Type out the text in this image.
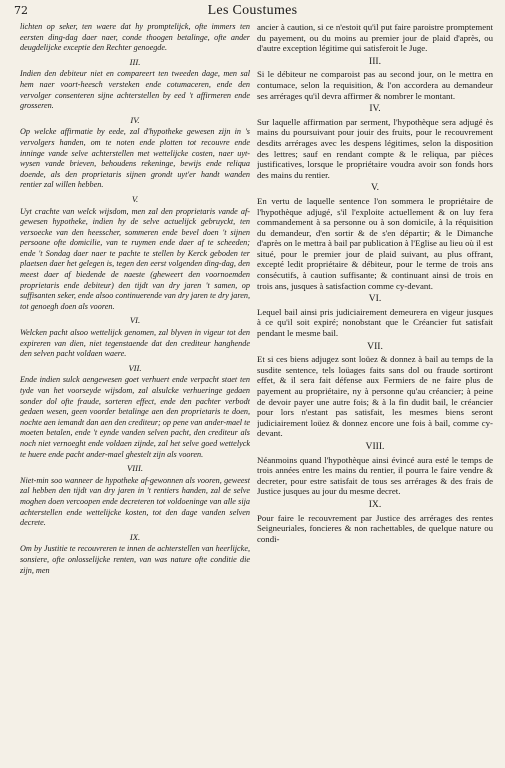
72	Les Coustumes

lichten op seker, ten waere dat hy promptelijck, ofte immers ten eersten ding-dag daer naer, conde thoogen betalinge, ofte ander deugdelijcke exceptie den Rechter genoegde.

III.

Indien den debiteur niet en compareert ten tweeden dage, men sal hem naer voort-heesch versteken ende cotumaceren, ende den vervolger consenteren sijne achterstellen by eed 't affirmeren ende grosseren.

IV.

Op welcke affirmatie by eede, zal d'hypotheke gewesen zijn in 's vervolgers handen, om te noten ende plotten tot recouvre ende inninge vande selve achterstellen met wettelijcke costen, naer uyt-wysen vande brieven, behoudens rekeninge, bewijs ende reliqua doende, als den proprietaris sijnen grondt uyt'er handt wanden rentier zal willen hebben.

V.

Uyt crachte van welck wijsdom, men zal den proprietaris vande af-gewesen hypotheke, indien hy de selve actuelijck gebruyckt, ten versoecke van den heesscher, sommeren ende bevel doen 't sijnen persoone ofte domicilie, van te ruymen ende daer af te scheeden; ende 't Sondag daer naer te pachte te stellen by Kerck geboden ter plaetsen daer het gelegen is, tegen den eerst volgenden ding-dag, den meest daer af biedende de naeste (gheweert den voornoemden proprietaris ende debiteur) den tijdt van dry jaren 't samen, op suffisanten seker, ende alsoo continuerende van dry jaren te dry jaren, tot genoegh doen als vooren.

VI.

Welcken pacht alsoo wettelijck genomen, zal blyven in vigeur tot den expireren van dien, niet tegenstaende dat den crediteur hanghende den selven pacht voldaen waere.

VII.

Ende indien sulck aengewesen goet verhuert ende verpacht staet ten tyde van het voorseyde wijsdom, zal alsulcke verhueringe gedaen sonder dol ofte fraude, sorteren effect, ende den pachter verbodt gedaen wesen, geen voorder betalinge aen den proprietaris te doen, nochte aen iemandt dan aen den crediteur; op pene van ander-mael te moeten betalen, ende 't eynde vanden selven pacht, den crediteur als noch niet vernoeght ende voldaen zijnde, zal het selve goed wettelyck te huere ende pacht ander-mael ghestelt zijn als vooren.

VIII.

Niet-min soo wanneer de hypotheke af-gewonnen als vooren, geweest zal hebben den tijdt van dry jaren in 't rentiers handen, zal de selve moghen doen vercoopen ende decreteren tot voldoeninge van alle sija achterstellen ende wettelijcke kosten, tot den dage vanden selven decrete.

IX.

Om by Justitie te recouvreren te innen de achterstellen van heerlijcke, sonsiere, ofte onlosselijcke renten, van was nature ofte conditie die zijn, men

ancier à caution, si ce n'estoit qu'il put faire paroistre promptement du payement, ou du moins au premier jour de plaid d'après, ou d'autre exception légitime qui satisferoit le Juge.

III.

Si le débiteur ne comparoist pas au second jour, on le mettra en contumace, selon la requisition, & l'on accordera au demandeur ses arrérages qu'il devra affirmer & nombrer le montant.

IV.

Sur laquelle affirmation par serment, l'hypothèque sera adjugé ès mains du poursuivant pour jouir des fruits, pour le recouvrement desdits arrérages avec les despens légitimes, selon la disposition des lettres; sauf en rendant compte & le reliqua, par pièces justificatives, lorsque le propriétaire voudra avoir son fonds hors des mains du rentier.

V.

En vertu de laquelle sentence l'on sommera le propriétaire de l'hypothèque adjugé, s'il l'exploite actuellement & on luy fera commandement à sa personne ou à son domicile, à la réquisition du demandeur, d'en sortir & de s'en départir; & le Dimanche d'après on le mettra à bail par publication à l'Eglise au lieu où il est situé, pour le premier jour de plaid suivant, au plus offrant, excepté ledit propriétaire & débiteur, pour le terme de trois ans consécutifs, à caution suffisante; & continuant ainsi de trois en trois ans, jusques à satisfaction comme cy-devant.

VI.

Lequel bail ainsi pris judiciairement demeurera en vigeur jusques à ce qu'il soit expiré; nonobstant que le Créancier fut satisfait pendant le mesme bail.

VII.

Et si ces biens adjugez sont loüez & donnez à bail au temps de la susdite sentence, tels loüages faits sans dol ou fraude sortiront effet, & il sera fait défense aux Fermiers de ne faire plus de payement au propriétaire, ny à personne qu'au créancier; à peine de devoir payer une autre fois; & à la fin dudit bail, le créancier pour lors n'estant pas satisfait, les mesmes biens seront judiciairement loüez & donnez encore une fois à bail, comme cy-devant.

VIII.

Néanmoins quand l'hypothèque ainsi évincé aura esté le temps de trois années entre les mains du rentier, il pourra le faire vendre & decreter, pour estre satisfait de tous ses arrérages & des frais de Justice jusques au jour du mesme decret.

IX.

Pour faire le recouvrement par Justice des arrérages des rentes Seigneuriales, foncieres & non rachettables, de quelque nature ou condi-
